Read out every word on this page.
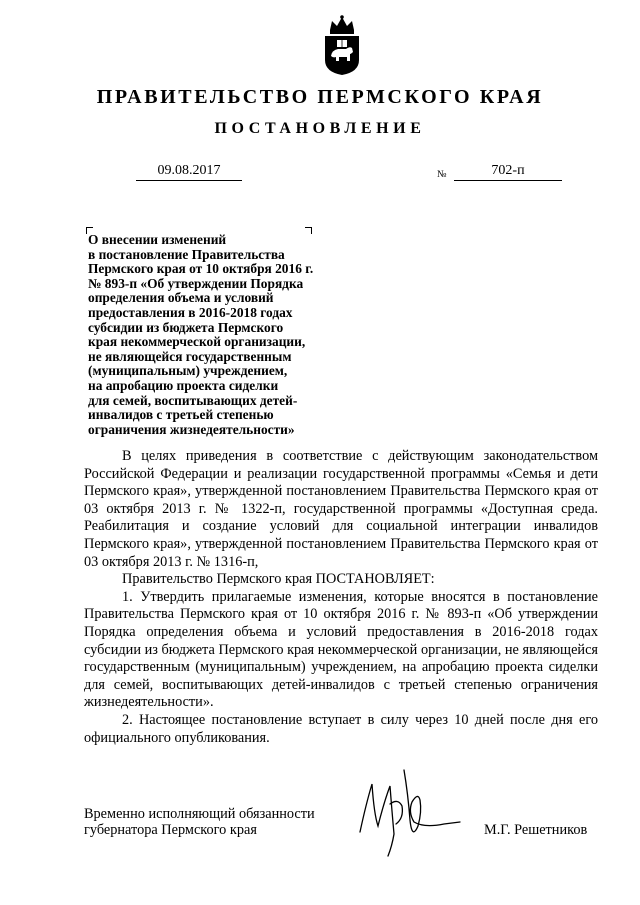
ПРАВИТЕЛЬСТВО ПЕРМСКОГО КРАЯ
ПОСТАНОВЛЕНИЕ
09.08.2017	№	702-п
О внесении изменений
в постановление Правительства
Пермского края от 10 октября 2016 г.
№ 893-п «Об утверждении Порядка
определения объема и условий
предоставления в 2016-2018 годах
субсидии из бюджета Пермского
края некоммерческой организации,
не являющейся государственным
(муниципальным) учреждением,
на апробацию проекта сиделки
для семей, воспитывающих детей-
инвалидов с третьей степенью
ограничения жизнедеятельности»

В целях приведения в соответствие с действующим законодательством Российской Федерации и реализации государственной программы «Семья и дети Пермского края», утвержденной постановлением Правительства Пермского края от 03 октября 2013 г. № 1322-п, государственной программы «Доступная среда. Реабилитация и создание условий для социальной интеграции инвалидов Пермского края», утвержденной постановлением Правительства Пермского края от 03 октября 2013 г. № 1316-п,

Правительство Пермского края ПОСТАНОВЛЯЕТ:

1. Утвердить прилагаемые изменения, которые вносятся в постановление Правительства Пермского края от 10 октября 2016 г. № 893-п «Об утверждении Порядка определения объема и условий предоставления в 2016-2018 годах субсидии из бюджета Пермского края некоммерческой организации, не являющейся государственным (муниципальным) учреждением, на апробацию проекта сиделки для семей, воспитывающих детей-инвалидов с третьей степенью ограничения жизнедеятельности».

2. Настоящее постановление вступает в силу через 10 дней после дня его официального опубликования.

Временно исполняющий обязанности
губернатора Пермского края	М.Г. Решетников
